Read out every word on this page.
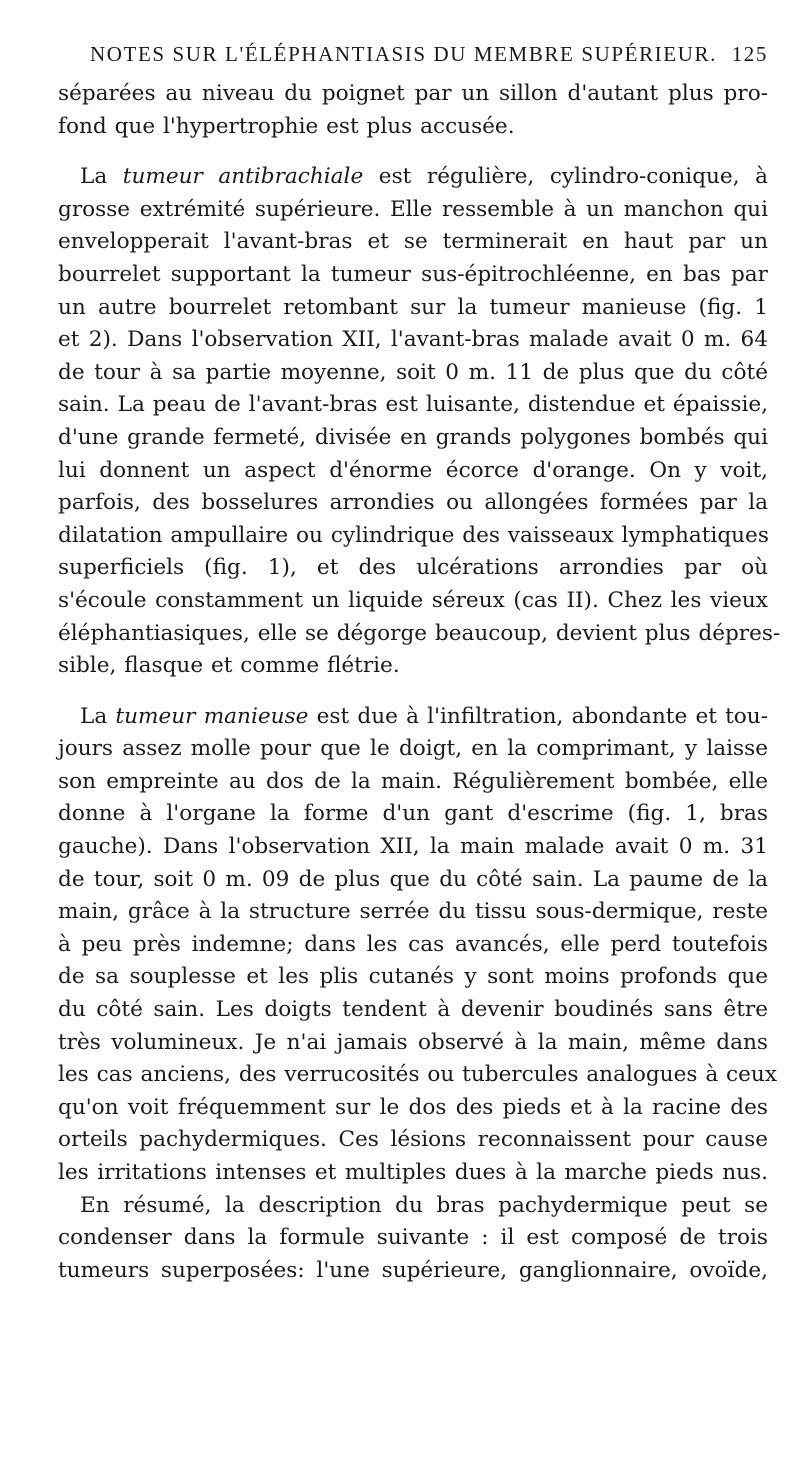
NOTES SUR L'ÉLÉPHANTIASIS DU MEMBRE SUPÉRIEUR. 125

séparées au niveau du poignet par un sillon d'autant plus pro-
fond que l'hypertrophie est plus accusée.

La tumeur antibrachiale est régulière, cylindro-conique, à
grosse extrémité supérieure. Elle ressemble à un manchon qui
envelopperait l'avant-bras et se terminerait en haut par un
bourrelet supportant la tumeur sus-épitrochléenne, en bas par
un autre bourrelet retombant sur la tumeur manieuse (fig. 1
et 2). Dans l'observation XII, l'avant-bras malade avait 0 m. 64
de tour à sa partie moyenne, soit 0 m. 11 de plus que du côté
sain. La peau de l'avant-bras est luisante, distendue et épaissie,
d'une grande fermeté, divisée en grands polygones bombés qui
lui donnent un aspect d'énorme écorce d'orange. On y voit,
parfois, des bosselures arrondies ou allongées formées par la
dilatation ampullaire ou cylindrique des vaisseaux lymphatiques
superficiels (fig. 1), et des ulcérations arrondies par où
s'écoule constamment un liquide séreux (cas II). Chez les vieux
éléphantiasiques, elle se dégorge beaucoup, devient plus dépres-
sible, flasque et comme flétrie.

La tumeur manieuse est due à l'infiltration, abondante et tou-
jours assez molle pour que le doigt, en la comprimant, y laisse
son empreinte au dos de la main. Régulièrement bombée, elle
donne à l'organe la forme d'un gant d'escrime (fig. 1, bras
gauche). Dans l'observation XII, la main malade avait 0 m. 31
de tour, soit 0 m. 09 de plus que du côté sain. La paume de la
main, grâce à la structure serrée du tissu sous-dermique, reste
à peu près indemne; dans les cas avancés, elle perd toutefois
de sa souplesse et les plis cutanés y sont moins profonds que
du côté sain. Les doigts tendent à devenir boudinés sans être
très volumineux. Je n'ai jamais observé à la main, même dans
les cas anciens, des verrucosités ou tubercules analogues à ceux
qu'on voit fréquemment sur le dos des pieds et à la racine des
orteils pachydermiques. Ces lésions reconnaissent pour cause
les irritations intenses et multiples dues à la marche pieds nus.

En résumé, la description du bras pachydermique peut se
condenser dans la formule suivante : il est composé de trois
tumeurs superposées: l'une supérieure, ganglionnaire, ovoïde,
